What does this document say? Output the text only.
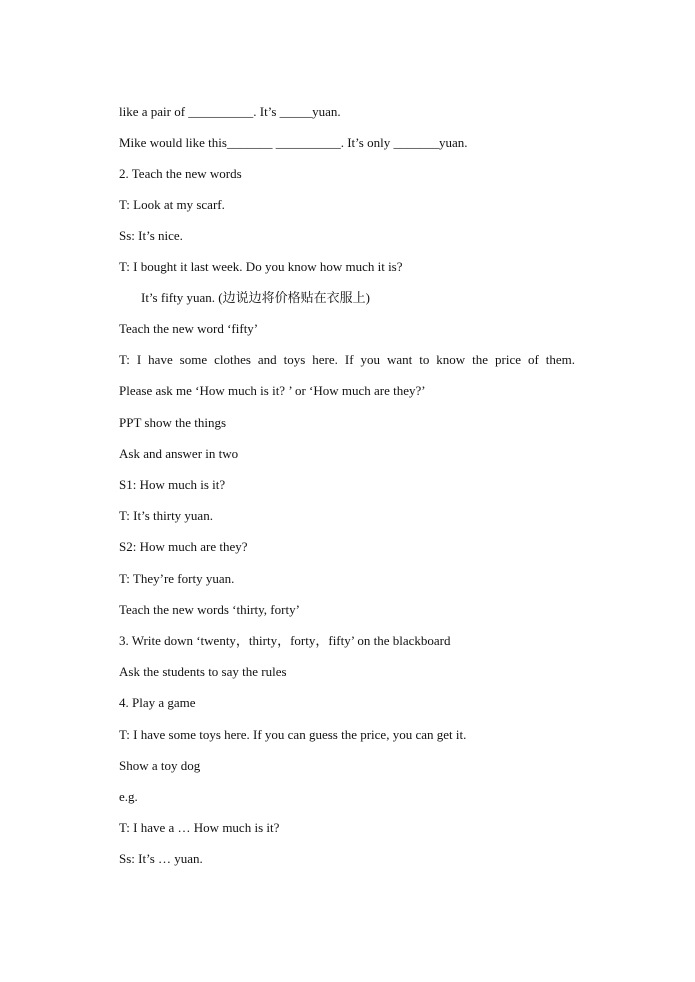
like a pair of __________. It’s _____yuan.
Mike would like this_______ __________. It’s only _______yuan.
2. Teach the new words
T: Look at my scarf.
Ss: It’s nice.
T: I bought it last week. Do you know how much it is?
It’s fifty yuan. (边说边将价格贴在衣服上)
Teach the new word ‘fifty’
T: I have some clothes and toys here. If you want to know the price of them.
Please ask me ‘How much is it? ’ or ‘How much are they?’
PPT show the things
Ask and answer in two
S1: How much is it?
T: It’s thirty yuan.
S2: How much are they?
T: They’re forty yuan.
Teach the new words ‘thirty, forty’
3. Write down ‘twenty，thirty，forty，fifty’ on the blackboard
Ask the students to say the rules
4. Play a game
T: I have some toys here. If you can guess the price, you can get it.
Show a toy dog
e.g.
T: I have a … How much is it?
Ss: It’s … yuan.
